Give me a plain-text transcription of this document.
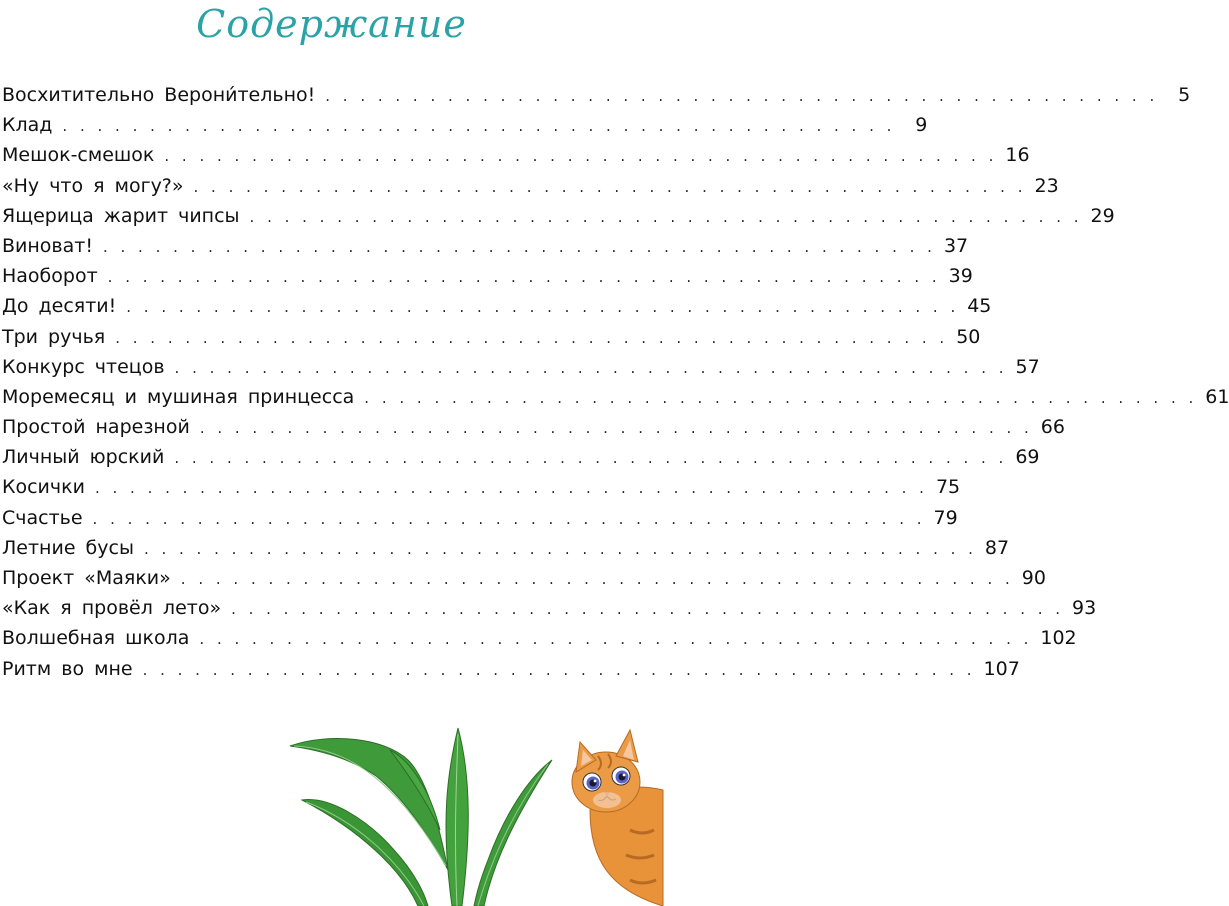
Содержание
Восхитительно Верони́тельно! . . . . . . . . . . . . . . . . . . . . . . . . . . . . . . . . . . . . . . . . . . . . . . . .	5
Клад . . . . . . . . . . . . . . . . . . . . . . . . . . . . . . . . . . . . . . . . . . . . . . . .	9
Мешок-смешок . . . . . . . . . . . . . . . . . . . . . . . . . . . . . . . . . . . . . . . . . . . . . . . . 16
«Ну что я могу?» . . . . . . . . . . . . . . . . . . . . . . . . . . . . . . . . . . . . . . . . . . . . . . . . 23
Ящерица жарит чипсы . . . . . . . . . . . . . . . . . . . . . . . . . . . . . . . . . . . . . . . . . . . . . . . . 29
Виноват! . . . . . . . . . . . . . . . . . . . . . . . . . . . . . . . . . . . . . . . . . . . . . . . . 37
Наоборот . . . . . . . . . . . . . . . . . . . . . . . . . . . . . . . . . . . . . . . . . . . . . . . . 39
До десяти! . . . . . . . . . . . . . . . . . . . . . . . . . . . . . . . . . . . . . . . . . . . . . . . . 45
Три ручья . . . . . . . . . . . . . . . . . . . . . . . . . . . . . . . . . . . . . . . . . . . . . . . . 50
Конкурс чтецов . . . . . . . . . . . . . . . . . . . . . . . . . . . . . . . . . . . . . . . . . . . . . . . . 57
Моремесяц и мушиная принцесса . . . . . . . . . . . . . . . . . . . . . . . . . . . . . . . . . . . . . . . . . . . . . . . . 61
Простой нарезной . . . . . . . . . . . . . . . . . . . . . . . . . . . . . . . . . . . . . . . . . . . . . . . . 66
Личный юрский . . . . . . . . . . . . . . . . . . . . . . . . . . . . . . . . . . . . . . . . . . . . . . . . 69
Косички . . . . . . . . . . . . . . . . . . . . . . . . . . . . . . . . . . . . . . . . . . . . . . . . 75
Счастье . . . . . . . . . . . . . . . . . . . . . . . . . . . . . . . . . . . . . . . . . . . . . . . . 79
Летние бусы . . . . . . . . . . . . . . . . . . . . . . . . . . . . . . . . . . . . . . . . . . . . . . . . 87
Проект «Маяки» . . . . . . . . . . . . . . . . . . . . . . . . . . . . . . . . . . . . . . . . . . . . . . . . 90
«Как я провёл лето» . . . . . . . . . . . . . . . . . . . . . . . . . . . . . . . . . . . . . . . . . . . . . . . . 93
Волшебная школа . . . . . . . . . . . . . . . . . . . . . . . . . . . . . . . . . . . . . . . . . . . . . . . . 102
Ритм во мне . . . . . . . . . . . . . . . . . . . . . . . . . . . . . . . . . . . . . . . . . . . . . . . . 107
